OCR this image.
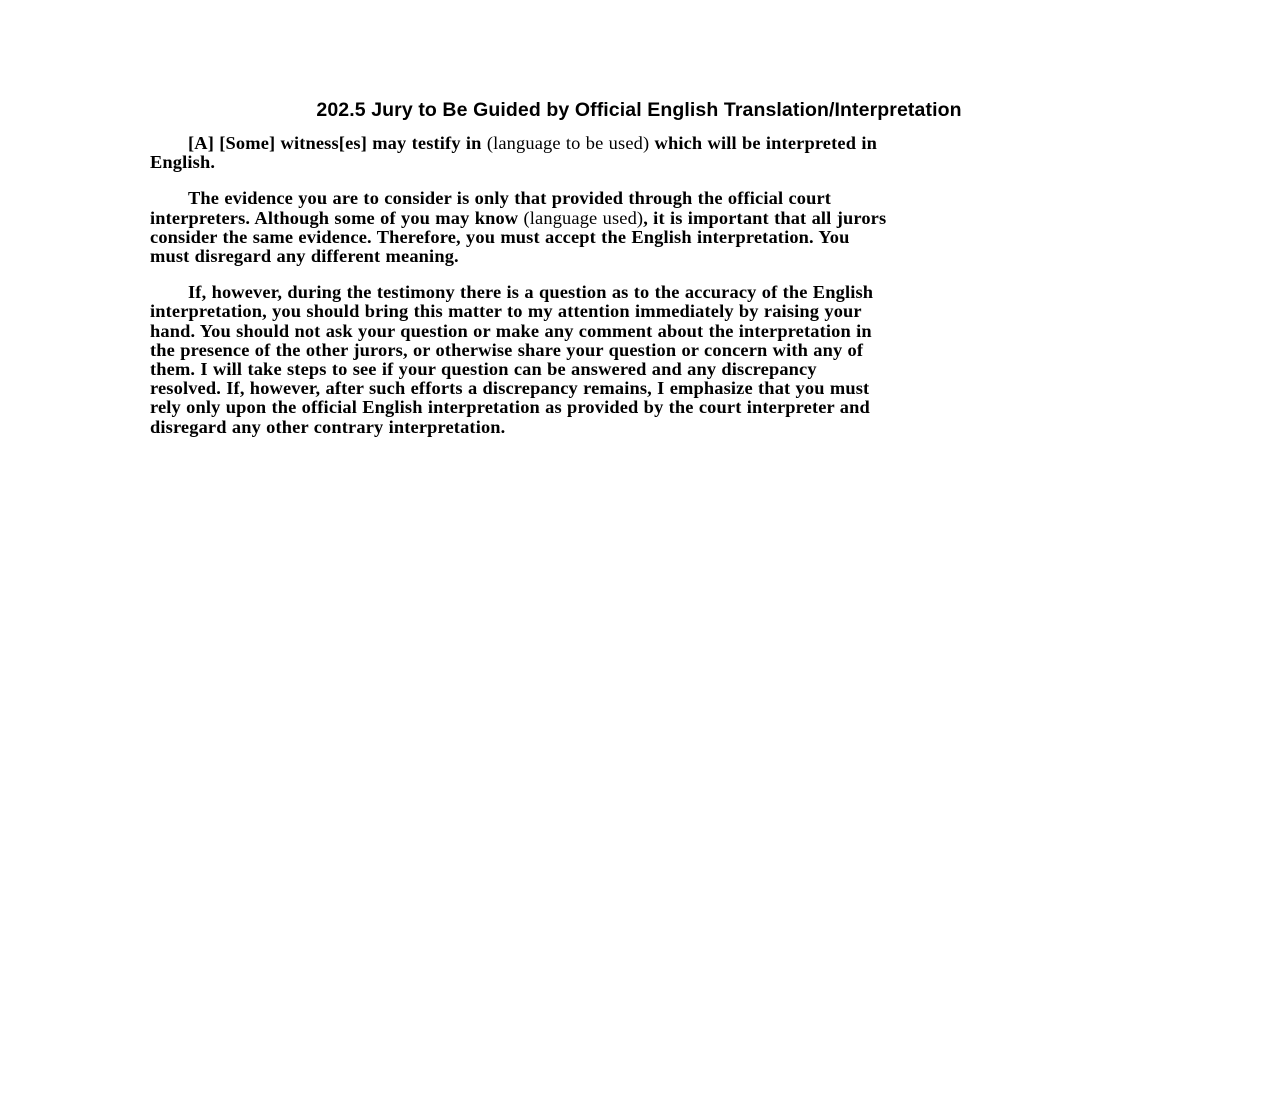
202.5 Jury to Be Guided by Official English Translation/Interpretation
[A] [Some] witness[es] may testify in (language to be used) which will be interpreted in
English.
The evidence you are to consider is only that provided through the official court
interpreters. Although some of you may know (language used), it is important that all jurors
consider the same evidence. Therefore, you must accept the English interpretation. You
must disregard any different meaning.
If, however, during the testimony there is a question as to the accuracy of the English
interpretation, you should bring this matter to my attention immediately by raising your
hand. You should not ask your question or make any comment about the interpretation in
the presence of the other jurors, or otherwise share your question or concern with any of
them. I will take steps to see if your question can be answered and any discrepancy
resolved. If, however, after such efforts a discrepancy remains, I emphasize that you must
rely only upon the official English interpretation as provided by the court interpreter and
disregard any other contrary interpretation.
